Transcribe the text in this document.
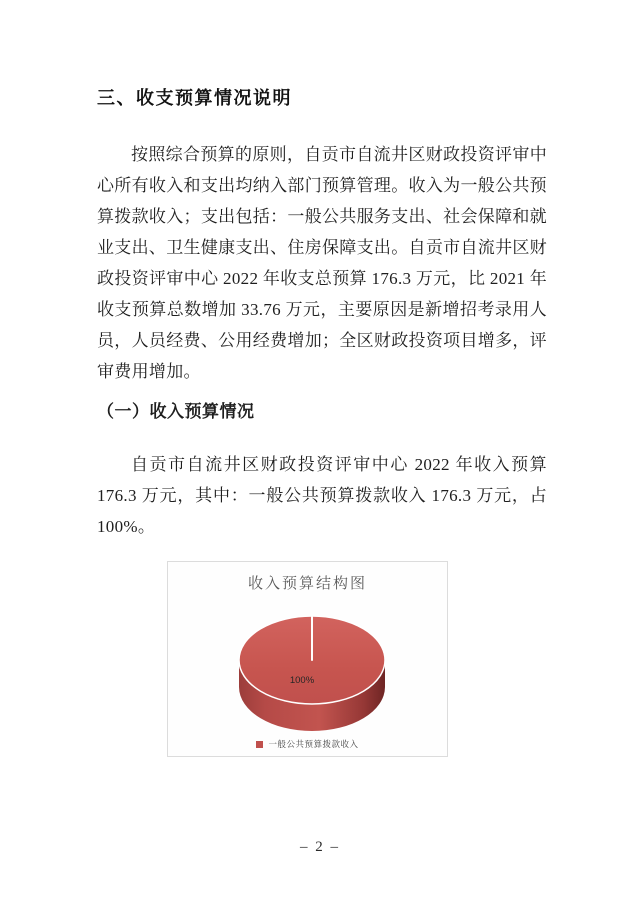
三、收支预算情况说明

按照综合预算的原则，自贡市自流井区财政投资评审中心所有收入和支出均纳入部门预算管理。收入为一般公共预算拨款收入；支出包括：一般公共服务支出、社会保障和就业支出、卫生健康支出、住房保障支出。自贡市自流井区财政投资评审中心 2022 年收支总预算 176.3 万元，比 2021 年收支预算总数增加 33.76 万元，主要原因是新增招考录用人员，人员经费、公用经费增加；全区财政投资项目增多，评审费用增加。

（一）收入预算情况

自贡市自流井区财政投资评审中心 2022 年收入预算 176.3 万元，其中：一般公共预算拨款收入 176.3 万元，占 100%。

收入预算结构图
100%
一般公共预算拨款收入
– 2 –
